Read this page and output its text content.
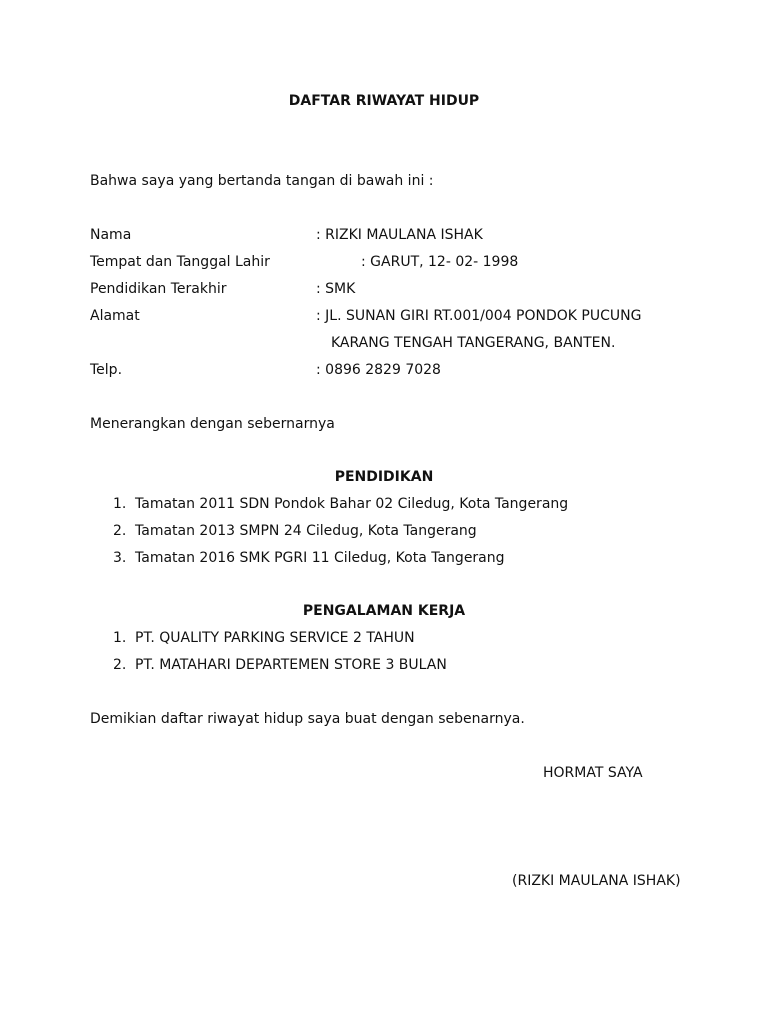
DAFTAR RIWAYAT HIDUP
Bahwa saya yang bertanda tangan di bawah ini :
Nama	: RIZKI MAULANA ISHAK
Tempat dan Tanggal Lahir	: GARUT, 12- 02- 1998
Pendidikan Terakhir	: SMK
Alamat	: JL. SUNAN GIRI RT.001/004 PONDOK PUCUNG
KARANG TENGAH TANGERANG, BANTEN.
Telp.	: 0896 2829 7028
Menerangkan dengan sebernarnya
PENDIDIKAN
1. Tamatan 2011 SDN Pondok Bahar 02 Ciledug, Kota Tangerang
2. Tamatan 2013 SMPN 24 Ciledug, Kota Tangerang
3. Tamatan 2016 SMK PGRI 11 Ciledug, Kota Tangerang
PENGALAMAN KERJA
1. PT. QUALITY PARKING SERVICE 2 TAHUN
2. PT. MATAHARI DEPARTEMEN STORE 3 BULAN
Demikian daftar riwayat hidup saya buat dengan sebenarnya.
HORMAT SAYA
(RIZKI MAULANA ISHAK)
